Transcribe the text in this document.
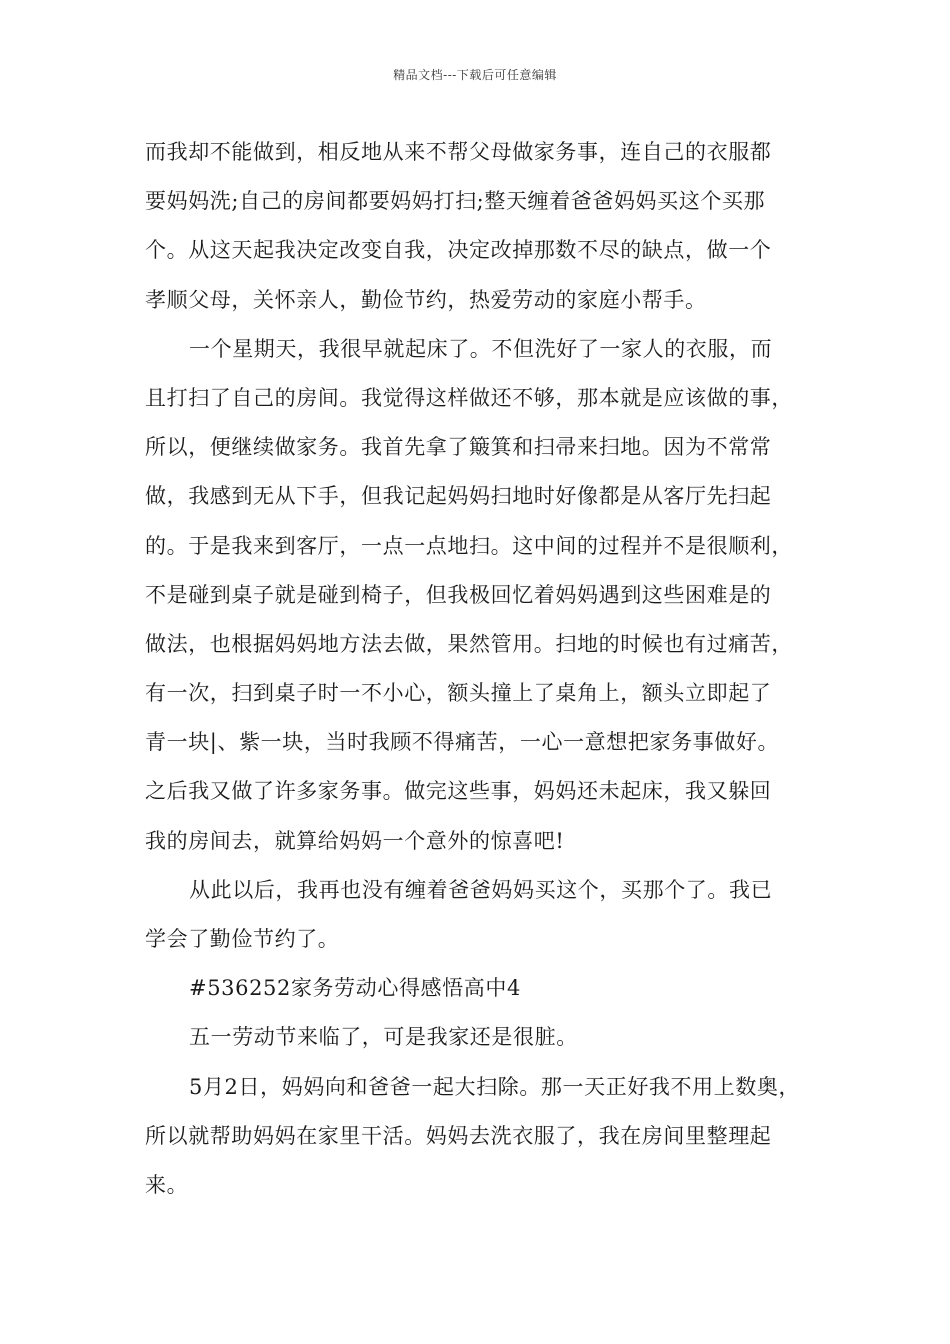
精品文档---下载后可任意编辑
而我却不能做到，相反地从来不帮父母做家务事，连自己的衣服都
要妈妈洗;自己的房间都要妈妈打扫;整天缠着爸爸妈妈买这个买那
个。从这天起我决定改变自我，决定改掉那数不尽的缺点，做一个
孝顺父母，关怀亲人，勤俭节约，热爱劳动的家庭小帮手。
一个星期天，我很早就起床了。不但洗好了一家人的衣服，而
且打扫了自己的房间。我觉得这样做还不够，那本就是应该做的事，
所以，便继续做家务。我首先拿了簸箕和扫帚来扫地。因为不常常
做，我感到无从下手，但我记起妈妈扫地时好像都是从客厅先扫起
的。于是我来到客厅，一点一点地扫。这中间的过程并不是很顺利，
不是碰到桌子就是碰到椅子，但我极回忆着妈妈遇到这些困难是的
做法，也根据妈妈地方法去做，果然管用。扫地的时候也有过痛苦，
有一次，扫到桌子时一不小心，额头撞上了桌角上，额头立即起了
青一块|、紫一块，当时我顾不得痛苦，一心一意想把家务事做好。
之后我又做了许多家务事。做完这些事，妈妈还未起床，我又躲回
我的房间去，就算给妈妈一个意外的惊喜吧!
从此以后，我再也没有缠着爸爸妈妈买这个，买那个了。我已
学会了勤俭节约了。
#536252家务劳动心得感悟高中4
五一劳动节来临了，可是我家还是很脏。
5月2日，妈妈向和爸爸一起大扫除。那一天正好我不用上数奥，
所以就帮助妈妈在家里干活。妈妈去洗衣服了，我在房间里整理起
来。
